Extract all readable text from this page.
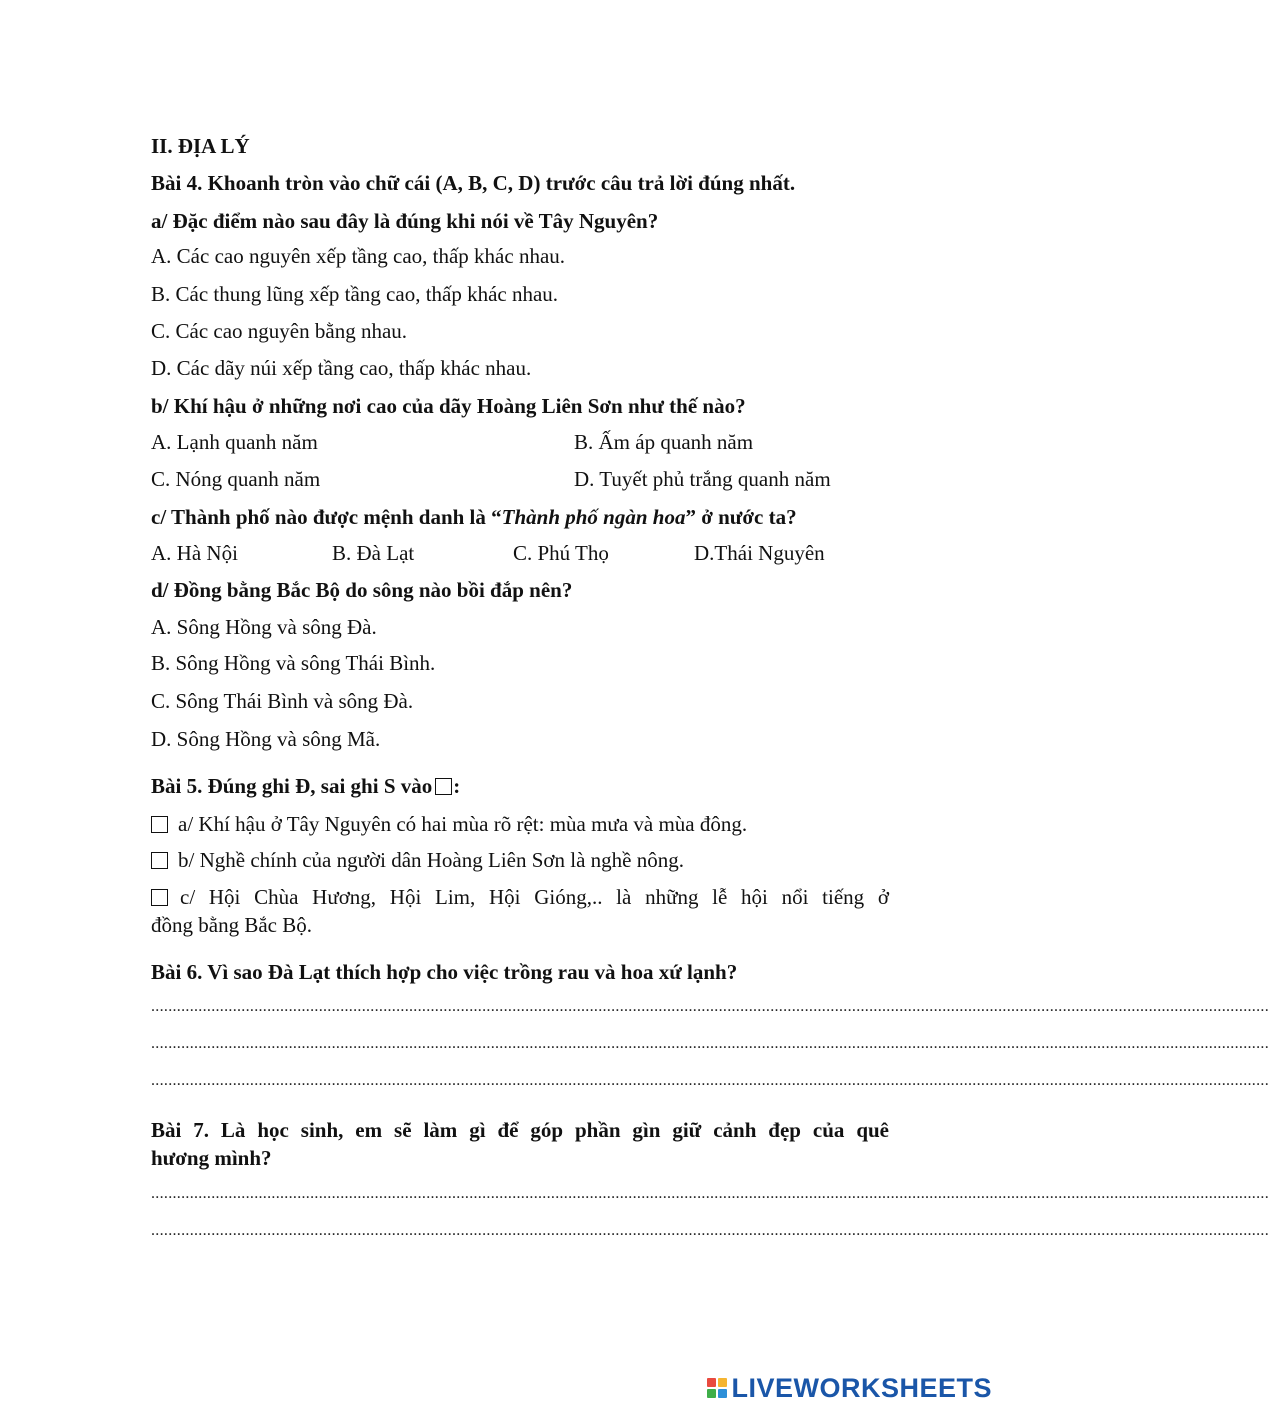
II. ĐỊA LÝ
Bài 4. Khoanh tròn vào chữ cái (A, B, C, D) trước câu trả lời đúng nhất.
a/ Đặc điểm nào sau đây là đúng khi nói về Tây Nguyên?
A. Các cao nguyên xếp tầng cao, thấp khác nhau.
B. Các thung lũng xếp tầng cao, thấp khác nhau.
C. Các cao nguyên bằng nhau.
D. Các dãy núi xếp tầng cao, thấp khác nhau.
b/ Khí hậu ở những nơi cao của dãy Hoàng Liên Sơn như thế nào?
A. Lạnh quanh năm	B. Ấm áp quanh năm
C. Nóng quanh năm	D. Tuyết phủ trắng quanh năm
c/ Thành phố nào được mệnh danh là “Thành phố ngàn hoa” ở nước ta?
A. Hà Nội	B. Đà Lạt	C. Phú Thọ	D.Thái Nguyên
d/ Đồng bằng Bắc Bộ do sông nào bồi đắp nên?
A. Sông Hồng và sông Đà.
B. Sông Hồng và sông Thái Bình.
C. Sông Thái Bình và sông Đà.
D. Sông Hồng và sông Mã.
Bài 5. Đúng ghi Đ, sai ghi S vào :
a/ Khí hậu ở Tây Nguyên có hai mùa rõ rệt: mùa mưa và mùa đông.
b/ Nghề chính của người dân Hoàng Liên Sơn là nghề nông.
c/ Hội Chùa Hương, Hội Lim, Hội Gióng,.. là những lễ hội nổi tiếng ở
đồng bằng Bắc Bộ.
Bài 6. Vì sao Đà Lạt thích hợp cho việc trồng rau và hoa xứ lạnh?
....................................................................................................................................................................................................................................................................
....................................................................................................................................................................................................................................................................
....................................................................................................................................................................................................................................................................
Bài 7. Là học sinh, em sẽ làm gì để góp phần gìn giữ cảnh đẹp của quê
hương mình?
....................................................................................................................................................................................................................................................................
....................................................................................................................................................................................................................................................................
LIVEWORKSHEETS
